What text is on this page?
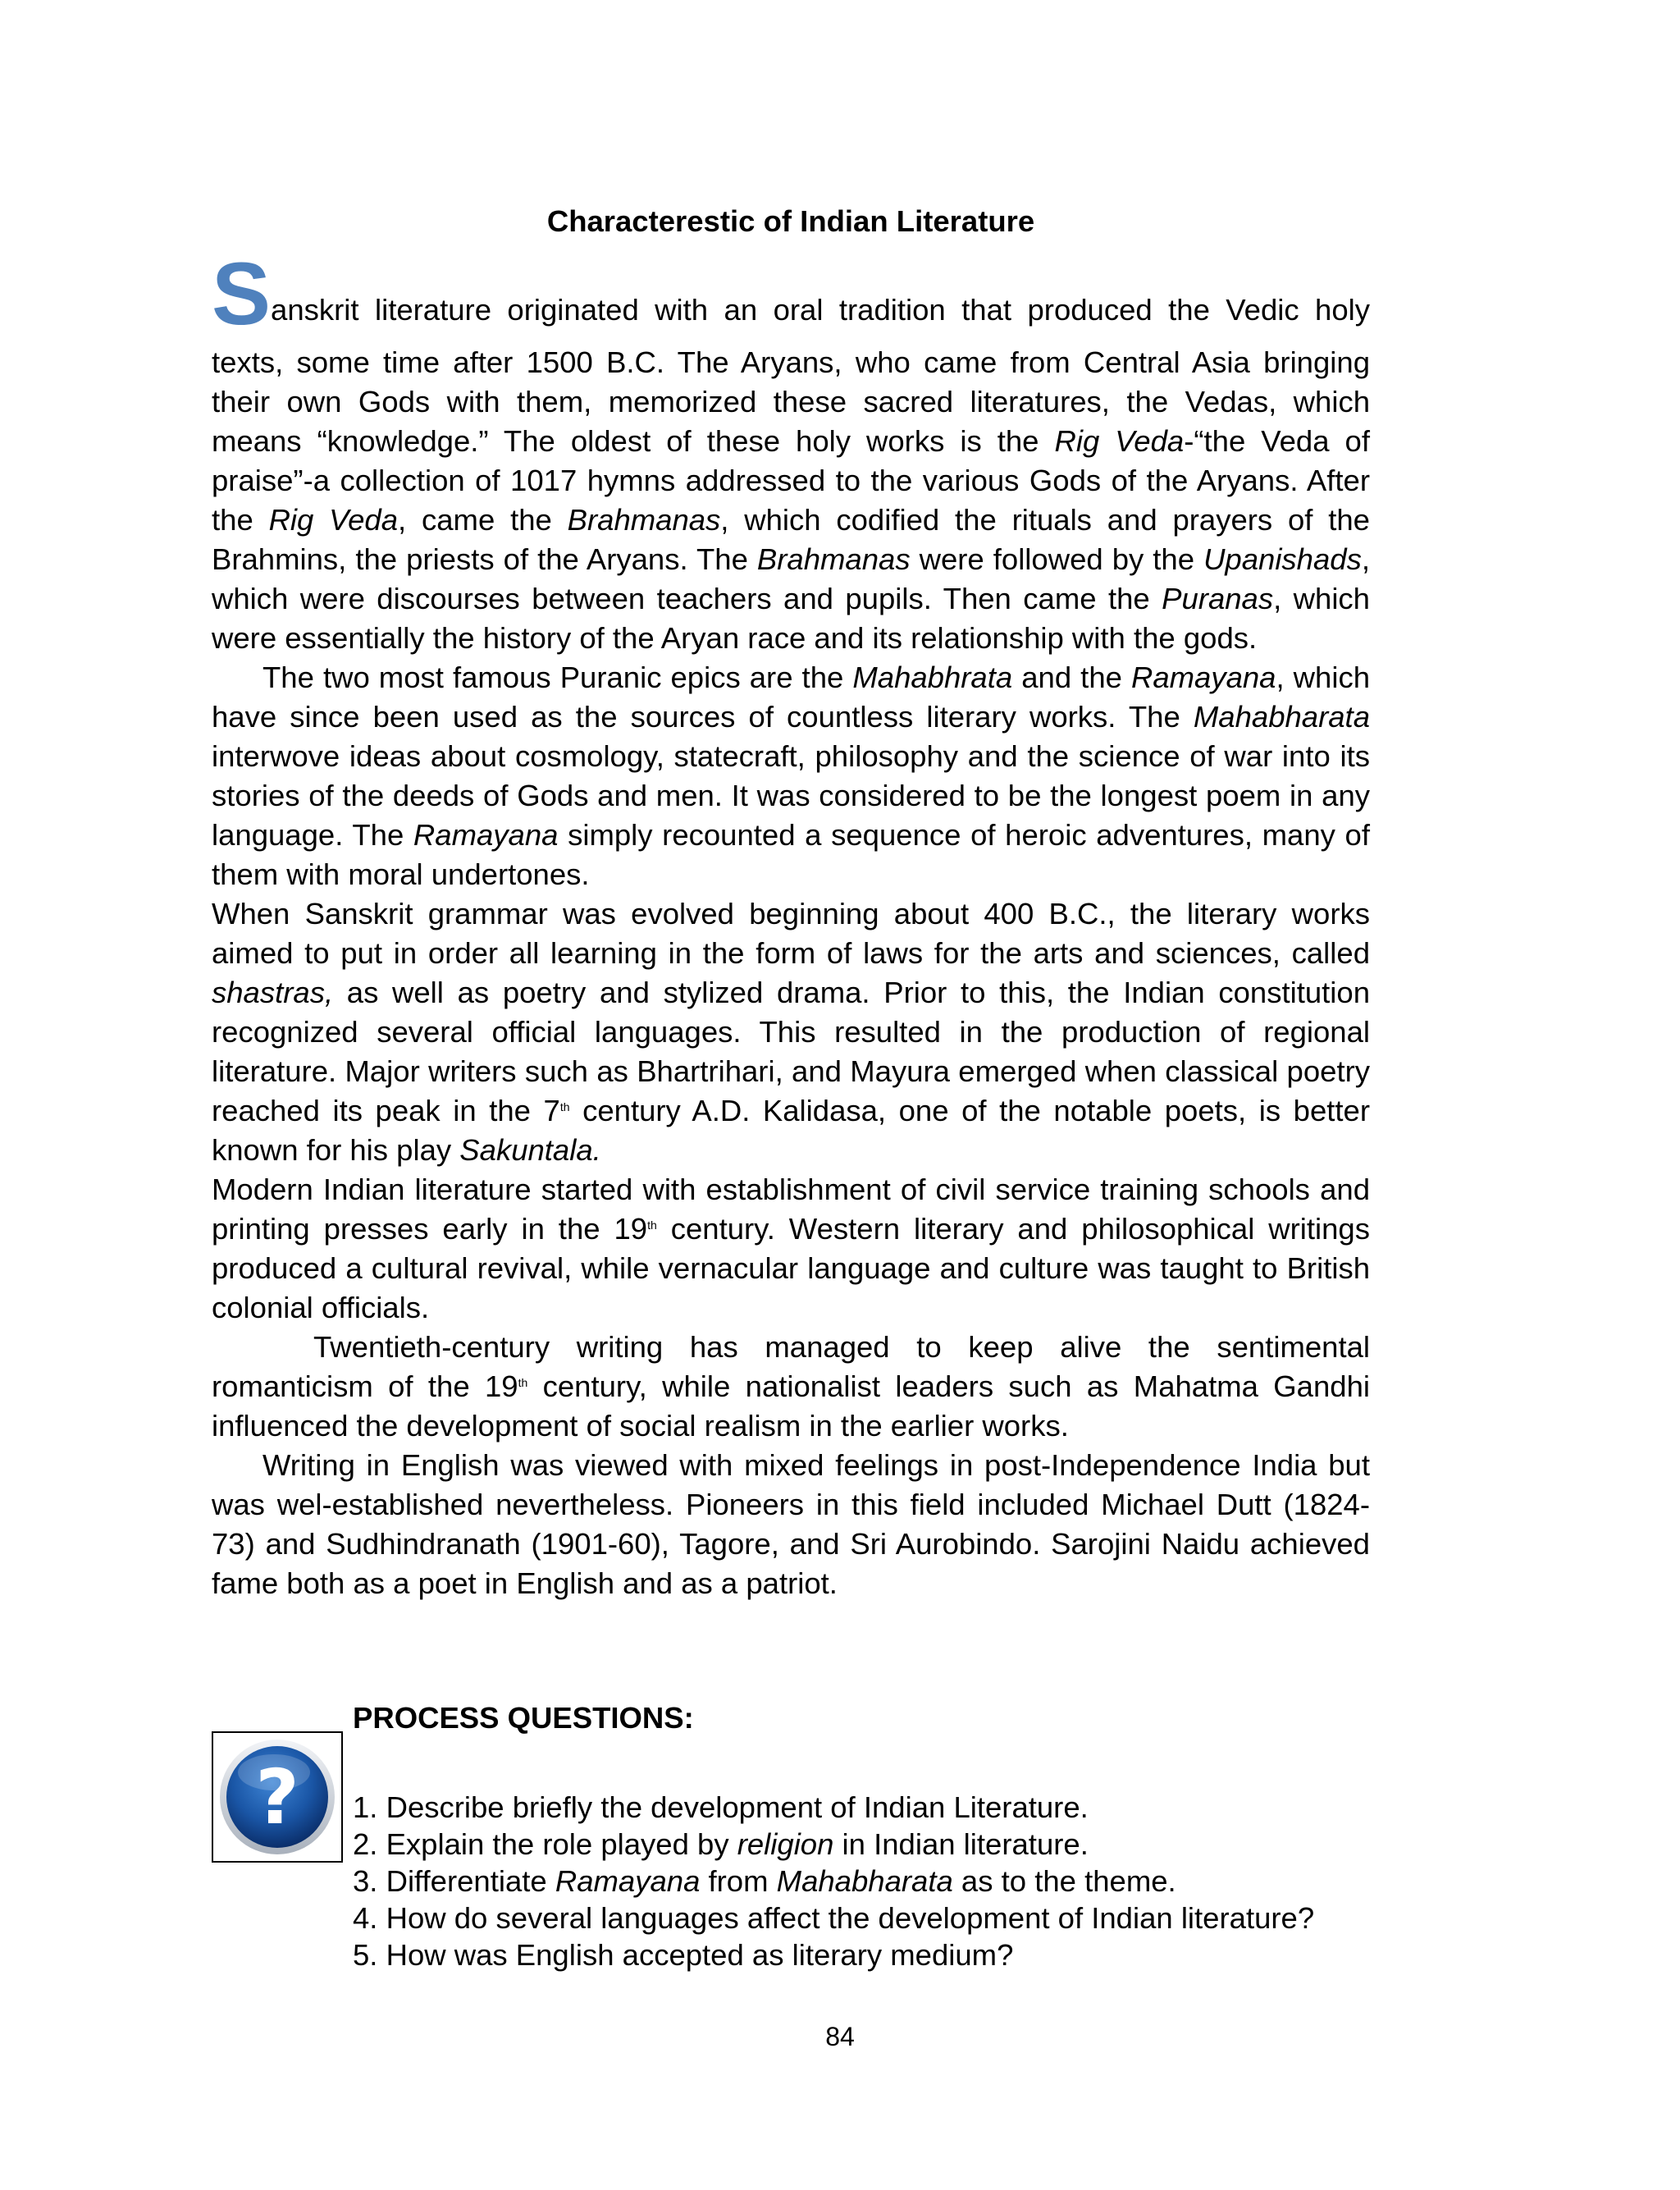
Characterestic of Indian Literature
S anskrit literature originated with an oral tradition that produced the Vedic holy

texts, some time after 1500 B.C. The Aryans, who came from Central Asia bringing their own Gods with them, memorized these sacred literatures, the Vedas, which means “knowledge.” The oldest of these holy works is the Rig Veda-“the Veda of praise”-a collection of 1017 hymns addressed to the various Gods of the Aryans. After the Rig Veda, came the Brahmanas, which codified the rituals and prayers of the Brahmins, the priests of the Aryans. The Brahmanas were followed by the Upanishads, which were discourses between teachers and pupils. Then came the Puranas, which were essentially the history of the Aryan race and its relationship with the gods.

The two most famous Puranic epics are the Mahabhrata and the Ramayana, which have since been used as the sources of countless literary works. The Mahabharata interwove ideas about cosmology, statecraft, philosophy and the science of war into its stories of the deeds of Gods and men. It was considered to be the longest poem in any language. The Ramayana simply recounted a sequence of heroic adventures, many of them with moral undertones.

When Sanskrit grammar was evolved beginning about 400 B.C., the literary works aimed to put in order all learning in the form of laws for the arts and sciences, called shastras, as well as poetry and stylized drama. Prior to this, the Indian constitution recognized several official languages. This resulted in the production of regional literature. Major writers such as Bhartrihari, and Mayura emerged when classical poetry reached its peak in the 7th century A.D. Kalidasa, one of the notable poets, is better known for his play Sakuntala.

Modern Indian literature started with establishment of civil service training schools and printing presses early in the 19th century. Western literary and philosophical writings produced a cultural revival, while vernacular language and culture was taught to British colonial officials.

Twentieth-century writing has managed to keep alive the sentimental romanticism of the 19th century, while nationalist leaders such as Mahatma Gandhi influenced the development of social realism in the earlier works.

Writing in English was viewed with mixed feelings in post-Independence India but was wel-established nevertheless. Pioneers in this field included Michael Dutt (1824-73) and Sudhindranath (1901-60), Tagore, and Sri Aurobindo. Sarojini Naidu achieved fame both as a poet in English and as a patriot.

PROCESS QUESTIONS:
? 1. Describe briefly the development of Indian Literature.
2. Explain the role played by religion in Indian literature.
3. Differentiate Ramayana from Mahabharata as to the theme.
4. How do several languages affect the development of Indian literature?
5. How was English accepted as literary medium?
84
